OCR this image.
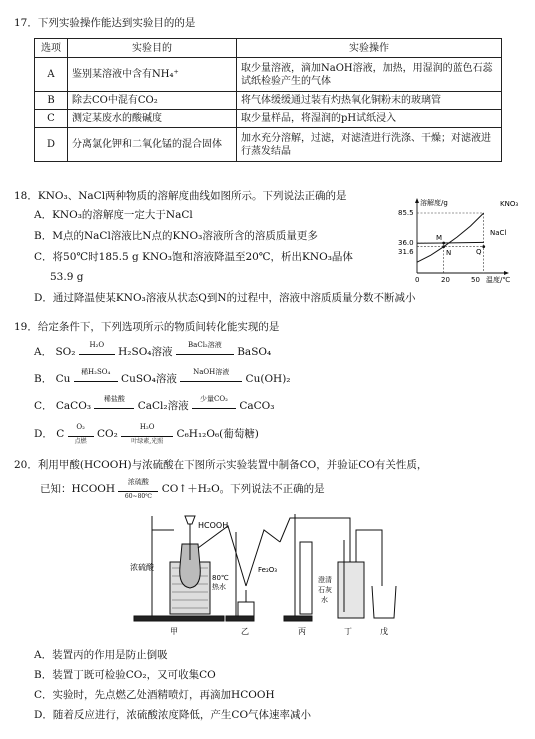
17．下列实验操作能达到实验目的的是
选项	实验目的	实验操作
A	鉴别某溶液中含有NH₄⁺	取少量溶液，滴加NaOH溶液，加热，用湿润的蓝色石蕊试纸检验产生的气体
B	除去CO中混有CO₂	将气体缓缓通过装有灼热氧化铜粉末的玻璃管
C	测定某废水的酸碱度	取少量样品，将湿润的pH试纸浸入
D	分离氯化钾和二氧化锰的混合固体	加水充分溶解，过滤，对滤渣进行洗涤、干燥；对滤液进行蒸发结晶
18．KNO₃、NaCl两种物质的溶解度曲线如图所示。下列说法正确的是
A．KNO₃的溶解度一定大于NaCl
B．M点的NaCl溶液比N点的KNO₃溶液所含的溶质质量更多
C．将50℃时185.5 g KNO₃饱和溶液降温至20℃，析出KNO₃晶体
53.9 g
D．通过降温使某KNO₃溶液从状态Q到N的过程中，溶液中溶质质量分数不断减小
溶解度/g
温度/℃
85.5
36.0
31.6
0	20	50
KNO₃
NaCl
M
N	Q
19．给定条件下，下列选项所示的物质间转化能实现的是
A． SO₂
H₂O
H₂SO₄溶液
BaCl₂溶液
BaSO₄
B． Cu
稀H₂SO₄
CuSO₄溶液
NaOH溶液
Cu(OH)₂
C． CaCO₃
稀盐酸
CaCl₂溶液
少量CO₂
CaCO₃
D． C
O₂
点燃
CO₂
H₂O
叶绿素,光照
C₆H₁₂O₆(葡萄糖)
20．利用甲酸(HCOOH)与浓硫酸在下图所示实验装置中制备CO，并验证CO有关性质，
已知：HCOOH
浓硫酸
60~80℃
CO↑＋H₂O。下列说法不正确的是
HCOOH
浓硫酸
80℃
热水
Fe₂O₃
澄清
石灰
水
甲	乙	丙	丁	戊
A．装置丙的作用是防止倒吸
B．装置丁既可检验CO₂，又可收集CO
C．实验时，先点燃乙处酒精喷灯，再滴加HCOOH
D．随着反应进行，浓硫酸浓度降低，产生CO气体速率减小
